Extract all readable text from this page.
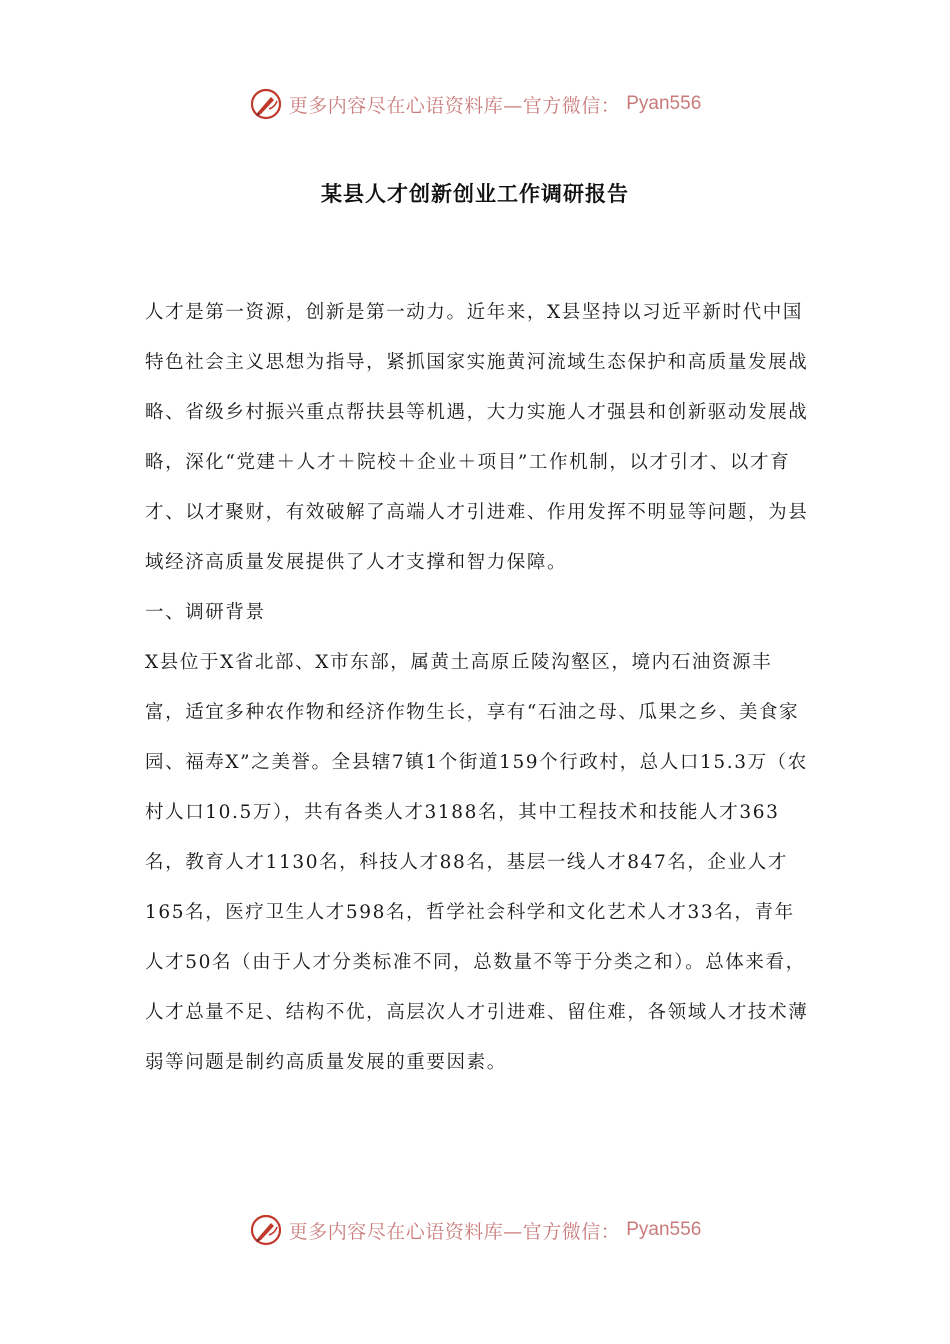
更多内容尽在心语资料库—官方微信： Pyan556
某县人才创新创业工作调研报告

人才是第一资源，创新是第一动力。近年来，X县坚持以习近平新时代中国特色社会主义思想为指导，紧抓国家实施黄河流域生态保护和高质量发展战略、省级乡村振兴重点帮扶县等机遇，大力实施人才强县和创新驱动发展战略，深化“党建＋人才＋院校＋企业＋项目”工作机制，以才引才、以才育才、以才聚财，有效破解了高端人才引进难、作用发挥不明显等问题，为县域经济高质量发展提供了人才支撑和智力保障。

一、调研背景

X县位于X省北部、X市东部，属黄土高原丘陵沟壑区，境内石油资源丰富，适宜多种农作物和经济作物生长，享有“石油之母、瓜果之乡、美食家园、福寿X”之美誉。全县辖7镇1个街道159个行政村，总人口15.3万（农村人口10.5万），共有各类人才3188名，其中工程技术和技能人才363名，教育人才1130名，科技人才88名，基层一线人才847名，企业人才165名，医疗卫生人才598名，哲学社会科学和文化艺术人才33名，青年人才50名（由于人才分类标准不同，总数量不等于分类之和）。总体来看，人才总量不足、结构不优，高层次人才引进难、留住难，各领域人才技术薄弱等问题是制约高质量发展的重要因素。

更多内容尽在心语资料库—官方微信： Pyan556
